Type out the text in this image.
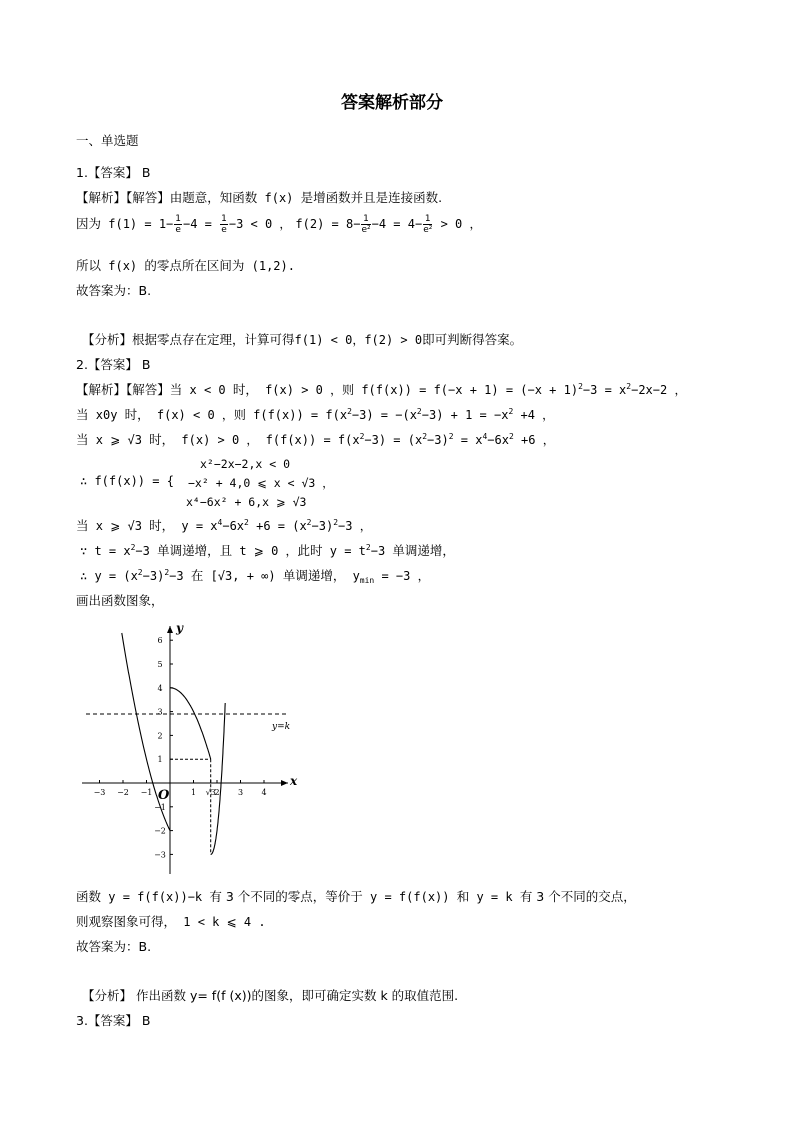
答案解析部分
一、单选题
1.【答案】 B
【解析】【解答】由题意，知函数 f(x) 是增函数并且是连接函数.
因为 $f(1) = 1- \frac{1}{e} -4 = \frac{1}{e} -3 < 0$ ， $f(2) = 8- \frac{1}{\text{e²}} -4 = 4- \frac{1}{\text{e²}} > 0$ ，
所以 f(x) 的零点所在区间为 (1,2).
故答案为：B.
【分析】根据零点存在定理，计算可得f(1) < 0，f(2) > 0即可判断得答案。
2.【答案】 B
【解析】【解答】当 x < 0 时， f(x) > 0 ，则 $f(f(x)) = f(-x + 1) = (-x + 1)^2-3 = x^2-2x-2$ ，
当 x0y 时， f(x) < 0 ，则 $f(f(x)) = f(x^2-3) = -(x^2-3) + 1 = -x^2 +4$ ，
当 x ⩾ √3 时， f(x) > 0 ， $f(f(x)) = f(x^2-3) = (x^2-3)^2 = x^4-6x^2 +6$ ，
∴ f(f(x)) = {
x²−2x−2,x < 0
−x² + 4,0 ⩽ x < √3 ，
x⁴−6x² + 6,x ⩾ √3
当 x ⩾ √3 时， $y = x^4-6x^2 +6 = (x^2-3)^2-3$ ，
∵ $t = x^2-3$ 单调递增，且 t ⩾ 0 ，此时 $y = t^2-3$ 单调递增，
∴ $y = (x^2-3)^2-3$ 在 [√3, + ∞) 单调递增， $y_{min} = -3$ ，
画出函数图象，
y
x
O
6
5
4
3
2
1
−1
−2
−3
−3 −2 −1	1 √3
2 3 4
y=k
函数 y = f(f(x))−k 有 3 个不同的零点，等价于 y = f(f(x)) 和 y = k 有 3 个不同的交点，
则观察图象可得， 1 < k ⩽ 4 .
故答案为：B.
【分析】 作出函数 y= f(f (x))的图象，即可确定实数 k 的取值范围.
3.【答案】 B
